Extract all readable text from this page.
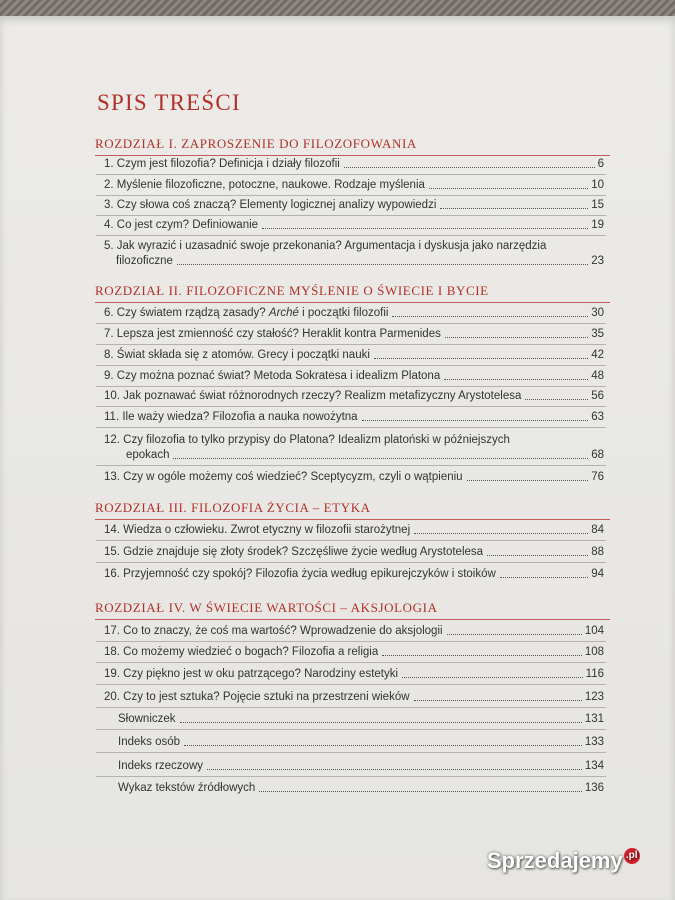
SPIS TREŚCI
ROZDZIAŁ I. ZAPROSZENIE DO FILOZOFOWANIA
1. Czym jest filozofia? Definicja i działy filozofii	6
2. Myślenie filozoficzne, potoczne, naukowe. Rodzaje myślenia	10
3. Czy słowa coś znaczą? Elementy logicznej analizy wypowiedzi	15
4. Co jest czym? Definiowanie	19
5. Jak wyrazić i uzasadnić swoje przekonania? Argumentacja i dyskusja jako narzędzia
filozoficzne	23
ROZDZIAŁ II. FILOZOFICZNE MYŚLENIE O ŚWIECIE I BYCIE
6. Czy światem rządzą zasady? Arché i początki filozofii	30
7. Lepsza jest zmienność czy stałość? Heraklit kontra Parmenides	35
8. Świat składa się z atomów. Grecy i początki nauki	42
9. Czy można poznać świat? Metoda Sokratesa i idealizm Platona	48
10. Jak poznawać świat różnorodnych rzeczy? Realizm metafizyczny Arystotelesa	56
11. Ile waży wiedza? Filozofia a nauka nowożytna	63
12. Czy filozofia to tylko przypisy do Platona? Idealizm platoński w późniejszych
epokach	68
13. Czy w ogóle możemy coś wiedzieć? Sceptycyzm, czyli o wątpieniu	76
ROZDZIAŁ III. FILOZOFIA ŻYCIA – ETYKA
14. Wiedza o człowieku. Zwrot etyczny w filozofii starożytnej	84
15. Gdzie znajduje się złoty środek? Szczęśliwe życie według Arystotelesa	88
16. Przyjemność czy spokój? Filozofia życia według epikurejczyków i stoików	94
ROZDZIAŁ IV. W ŚWIECIE WARTOŚCI – AKSJOLOGIA
17. Co to znaczy, że coś ma wartość? Wprowadzenie do aksjologii	104
18. Co możemy wiedzieć o bogach? Filozofia a religia	108
19. Czy piękno jest w oku patrzącego? Narodziny estetyki	116
20. Czy to jest sztuka? Pojęcie sztuki na przestrzeni wieków	123
Słowniczek	131
Indeks osób	133
Indeks rzeczowy	134
Wykaz tekstów źródłowych	136
Sprzedajemy .pl
